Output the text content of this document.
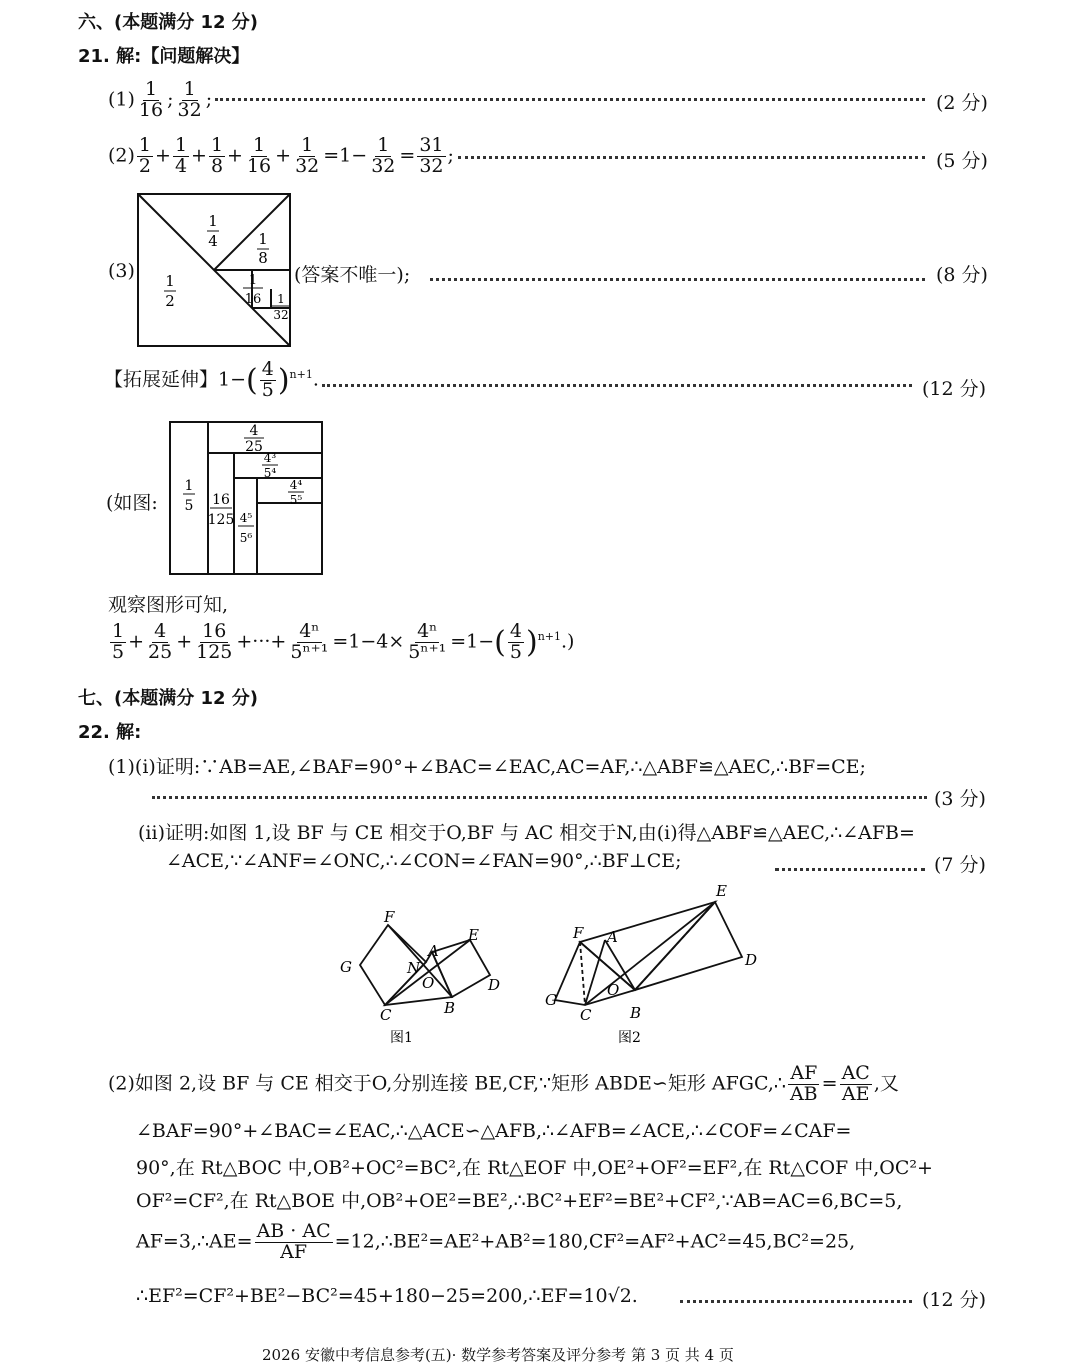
六、(本题满分 12 分)
21. 解:【问题解决】
$(1) \frac{1}{16}$ ; $\frac{1}{32}$ ;	(2 分)
$(2) \frac{1}{2} + \frac{1}{4} + \frac{1}{8} + \frac{1}{16} + \frac{1}{32} =1- \frac{1}{32} = \frac{31}{32}$ ;	(5 分)
(3) 1
2
1
4	1
8
1
16 1
32
(答案不唯一);	(8 分)
【拓展延伸】$1-( \frac{4}{5} )^{n+1}$.	(12 分)
(如图:
1
5
4
25
16
125
4³
5⁴
4⁴
5⁵
4⁵
5⁶
观察图形可知,
$\frac{1}{5} + \frac{4}{25} + \frac{16}{125}$ +···+ $\frac{\text{4ⁿ}}{\text{5ⁿ⁺¹}} =1-4\times \frac{\text{4ⁿ}}{\text{5ⁿ⁺¹}} =1-( \frac{4}{5} )^{n+1}$.)
七、(本题满分 12 分)
22. 解:
(1)(i)证明:∵AB=AE,∠BAF=90°+∠BAC=∠EAC,AC=AF,∴△ABF≌△AEC,∴BF=CE;
(3 分)
(ii)证明:如图 1,设 BF 与 CE 相交于O,BF 与 AC 相交于N,由(i)得△ABF≌△AEC,∴∠AFB=
∠ACE,∵∠ANF=∠ONC,∴∠CON=∠FAN=90°,∴BF⊥CE;	(7 分)
F
G
C	B
A
N
O
E
D
F
G
C	B
A
O
E
D
图1	图2
(2)如图 2,设 BF 与 CE 相交于O,分别连接 BE,CF,∵矩形 ABDE∽矩形 AFGC,∴ $\frac{AF}{AB} = \frac{AC}{AE}$ ,又
∠BAF=90°+∠BAC=∠EAC,∴△ACE∽△AFB,∴∠AFB=∠ACE,∴∠COF=∠CAF=
90°,在 Rt△BOC 中,OB²+OC²=BC²,在 Rt△EOF 中,OE²+OF²=EF²,在 Rt△COF 中,OC²+
OF²=CF²,在 Rt△BOE 中,OB²+OE²=BE²,∴BC²+EF²=BE²+CF²,∵AB=AC=6,BC=5,
AF=3,∴AE= $\frac{AB \cdot AC}{AF}$ =12,∴BE²=AE²+AB²=180,CF²=AF²+AC²=45,BC²=25,
∴EF²=CF²+BE²−BC²=45+180−25=200,∴EF=10√2.	(12 分)
2026 安徽中考信息参考(五)· 数学参考答案及评分参考 第 3 页 共 4 页
